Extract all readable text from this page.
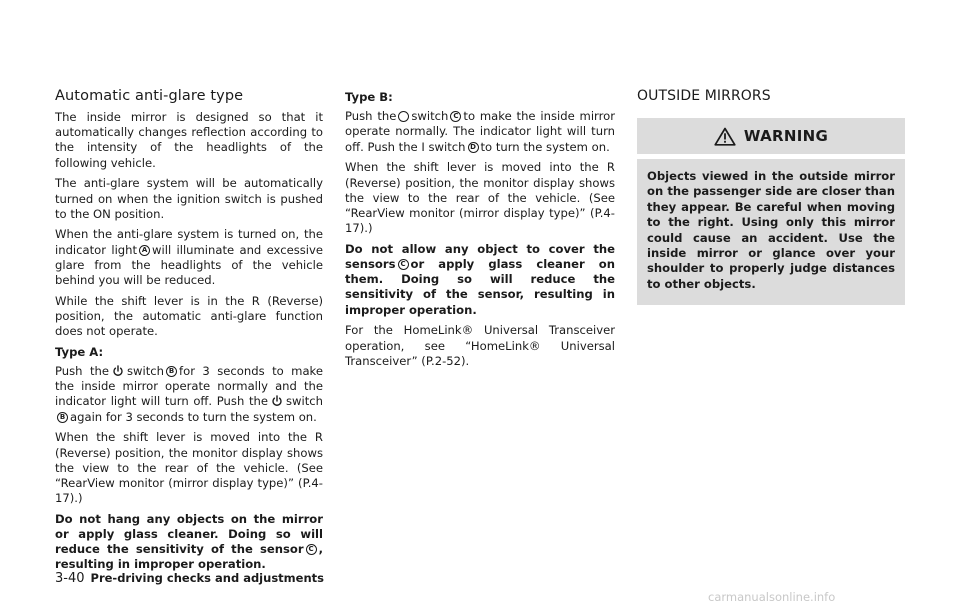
Automatic anti-glare type

The inside mirror is designed so that it automatically changes reflection according to the intensity of the headlights of the following vehicle.

The anti-glare system will be automatically turned on when the ignition switch is pushed to the ON position.

When the anti-glare system is turned on, the indicator light A will illuminate and excessive glare from the headlights of the vehicle behind you will be reduced.

While the shift lever is in the R (Reverse) position, the automatic anti-glare function does not operate.

Type A:

Push the switch B for 3 seconds to make the inside mirror operate normally and the indicator light will turn off. Push the switch
B again for 3 seconds to turn the system on.

When the shift lever is moved into the R (Reverse) position, the monitor display shows the view to the rear of the vehicle. (See “RearView monitor (mirror display type)” (P.4-17).)

Do not hang any objects on the mirror or apply glass cleaner. Doing so will reduce the sensitivity of the sensor C , resulting in improper operation.

Type B:

Push the switch C to make the inside mirror operate normally. The indicator light will turn off. Push the I switch D to turn the system on.

When the shift lever is moved into the R (Reverse) position, the monitor display shows the view to the rear of the vehicle. (See “RearView monitor (mirror display type)” (P.4-17).)

Do not allow any object to cover the sensors C or apply glass cleaner on them. Doing so will reduce the sensitivity of the sensor, resulting in improper operation.

For the HomeLink® Universal Transceiver operation, see “HomeLink® Universal Transceiver” (P.2-52).

OUTSIDE MIRRORS
WARNING

Objects viewed in the outside mirror on the passenger side are closer than they appear. Be careful when moving to the right. Using only this mirror could cause an accident. Use the inside mirror or glance over your shoulder to properly judge distances to other objects.

3-40 Pre-driving checks and adjustments
carmanualsonline.info
